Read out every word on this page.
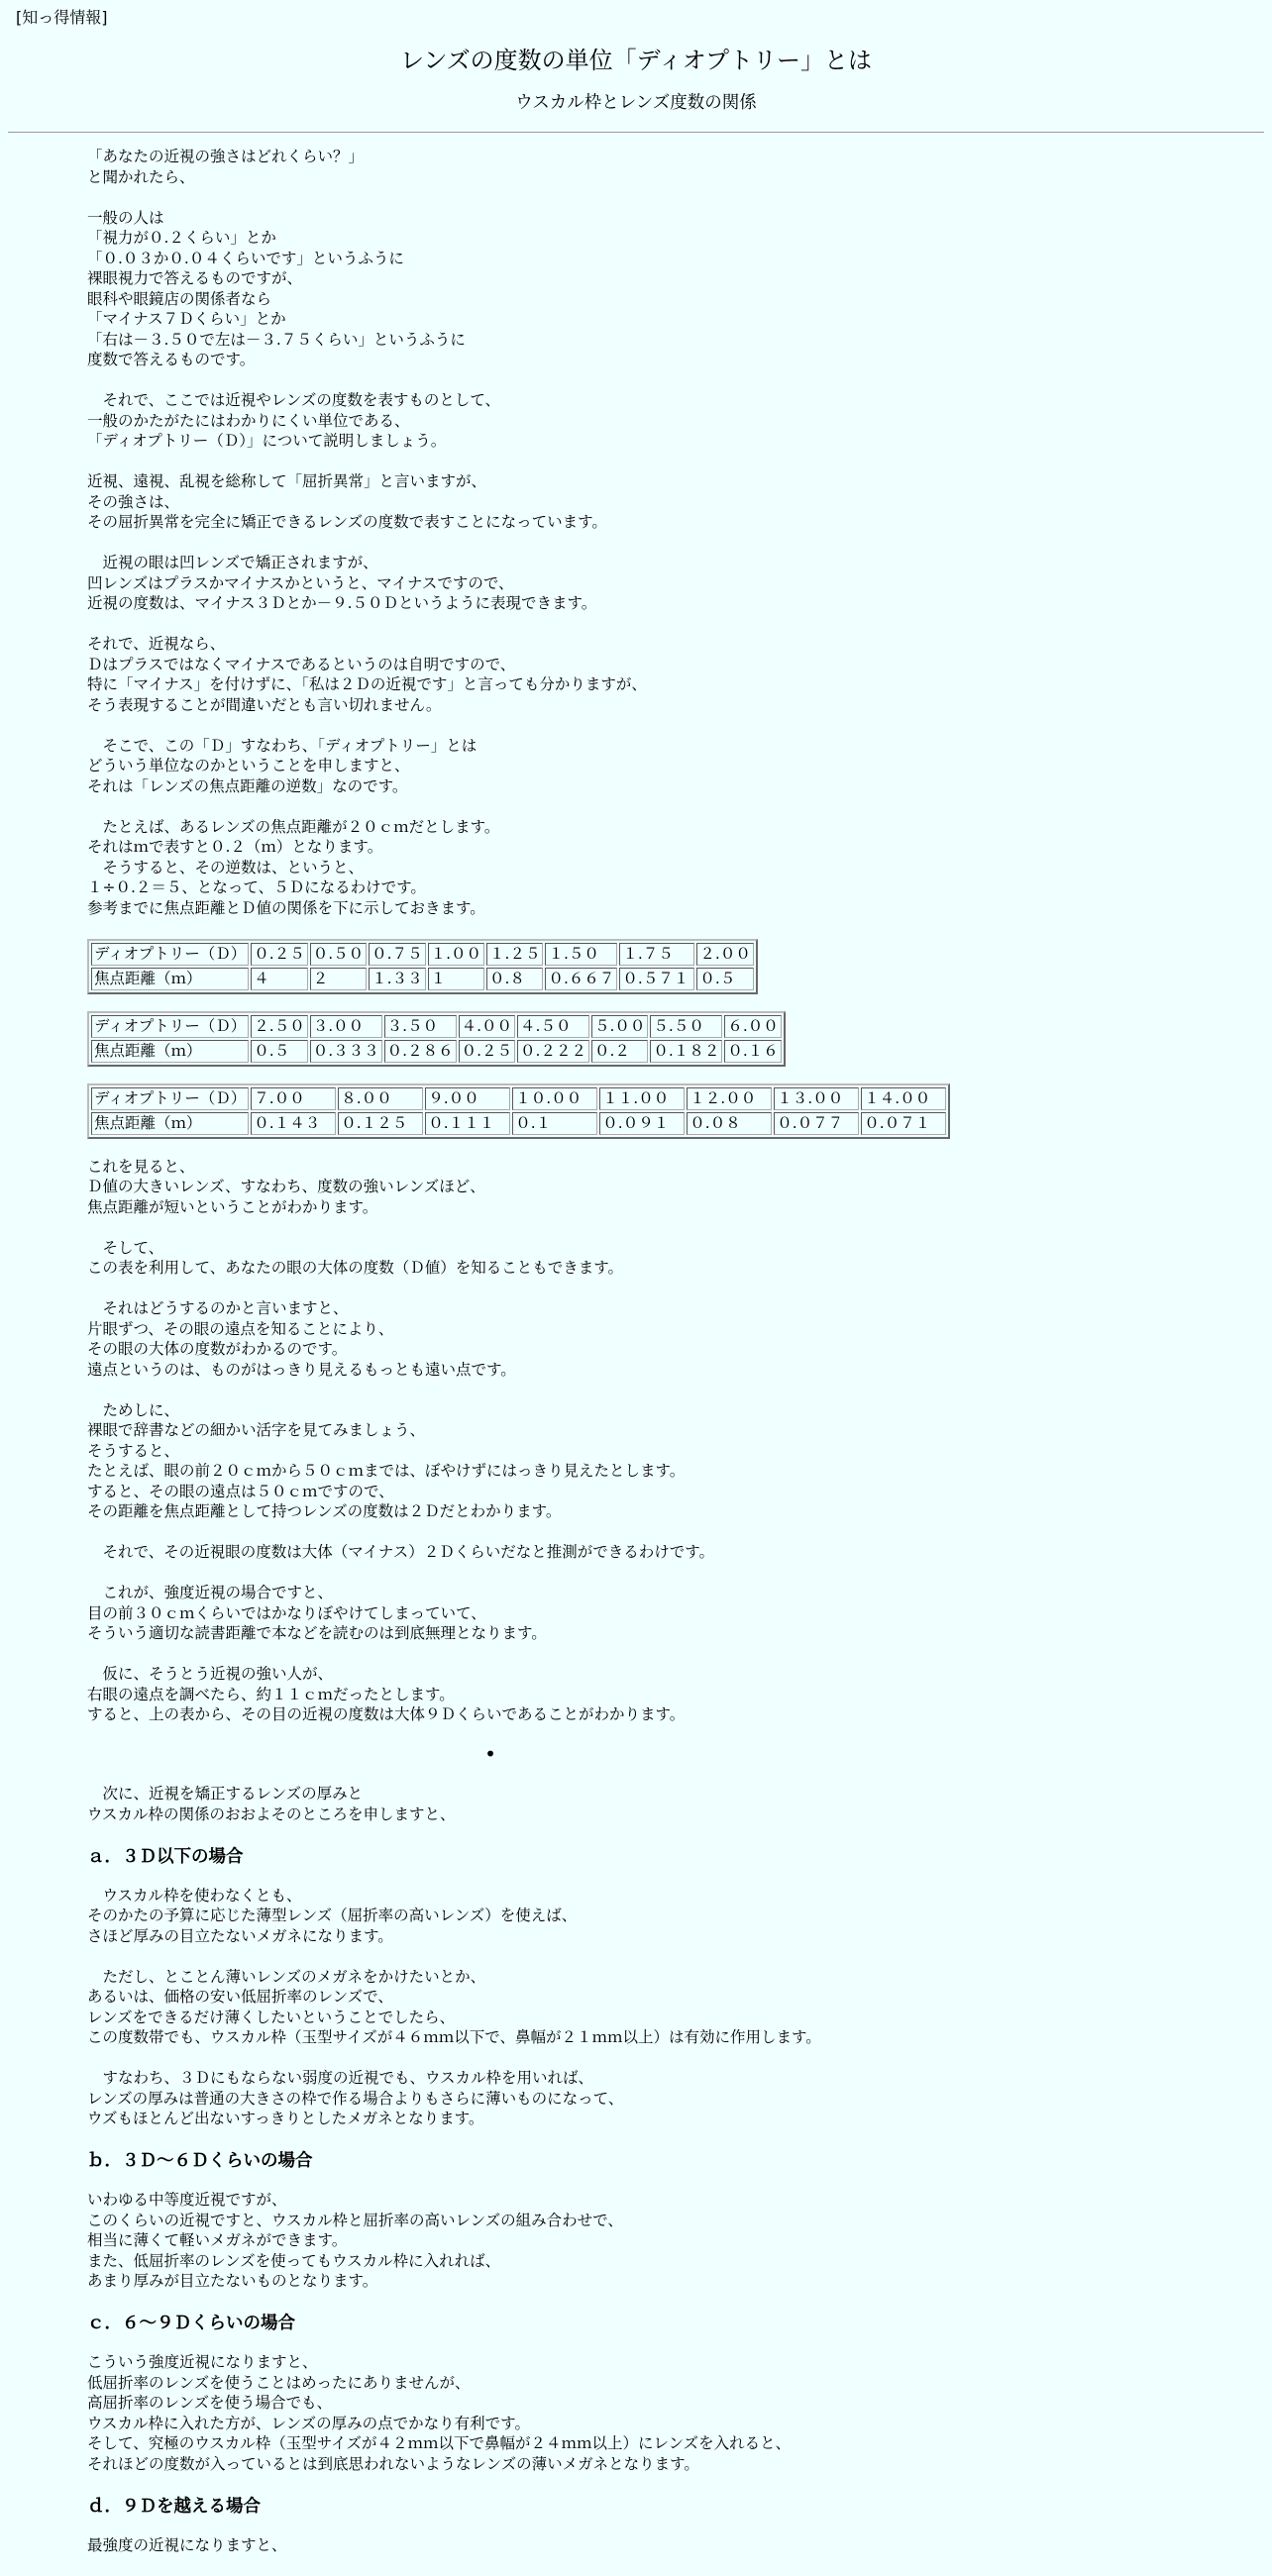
[知っ得情報]
レンズの度数の単位「ディオプトリー」とは
ウスカル枠とレンズ度数の関係

「あなたの近視の強さはどれくらい？」
と聞かれたら、

一般の人は
「視力が０.２くらい」とか
「０.０３か０.０４くらいです」というふうに
裸眼視力で答えるものですが、
眼科や眼鏡店の関係者なら
「マイナス７Ｄくらい」とか
「右は－３.５０で左は－３.７５くらい」というふうに
度数で答えるものです。

　それで、ここでは近視やレンズの度数を表すものとして、
一般のかたがたにはわかりにくい単位である、
「ディオプトリー（Ｄ）」について説明しましょう。

近視、遠視、乱視を総称して「屈折異常」と言いますが、
その強さは、
その屈折異常を完全に矯正できるレンズの度数で表すことになっています。

　近視の眼は凹レンズで矯正されますが、
凹レンズはプラスかマイナスかというと、マイナスですので、
近視の度数は、マイナス３Ｄとか－９.５０Ｄというように表現できます。

それで、近視なら、
Ｄはプラスではなくマイナスであるというのは自明ですので、
特に「マイナス」を付けずに、「私は２Ｄの近視です」と言っても分かりますが、
そう表現することが間違いだとも言い切れません。

　そこで、この「Ｄ」すなわち、「ディオプトリー」とは
どういう単位なのかということを申しますと、
それは「レンズの焦点距離の逆数」なのです。

　たとえば、あるレンズの焦点距離が２０ｃｍだとします。
それはｍで表すと０.２（ｍ）となります。
　そうすると、その逆数は、というと、
１÷０.２＝５、となって、５Ｄになるわけです。
参考までに焦点距離とＤ値の関係を下に示しておきます。

ディオプトリー（Ｄ）	０.２５	０.５０	０.７５	１.００	１.２５	１.５０	１.７５	２.００
焦点距離（ｍ）	４	２	１.３３	１	０.８	０.６６７	０.５７１	０.５
ディオプトリー（Ｄ）	２.５０	３.００	３.５０	４.００	４.５０	５.００	５.５０	６.００
焦点距離（ｍ）	０.５	０.３３３	０.２８６	０.２５	０.２２２	０.２	０.１８２	０.１６
ディオプトリー（Ｄ）	７.００	８.００	９.００	１０.００	１１.００	１２.００	１３.００	１４.００
焦点距離（ｍ）	０.１４３	０.１２５	０.１１１	０.１	０.０９１	０.０８	０.０７７	０.０７１

これを見ると、
Ｄ値の大きいレンズ、すなわち、度数の強いレンズほど、
焦点距離が短いということがわかります。

　そして、
この表を利用して、あなたの眼の大体の度数（Ｄ値）を知ることもできます。

　それはどうするのかと言いますと、
片眼ずつ、その眼の遠点を知ることにより、
その眼の大体の度数がわかるのです。
遠点というのは、ものがはっきり見えるもっとも遠い点です。

　ためしに、
裸眼で辞書などの細かい活字を見てみましょう、
そうすると、
たとえば、眼の前２０ｃｍから５０ｃｍまでは、ぼやけずにはっきり見えたとします。
すると、その眼の遠点は５０ｃｍですので、
その距離を焦点距離として持つレンズの度数は２Ｄだとわかります。

　それで、その近視眼の度数は大体（マイナス）２Ｄくらいだなと推測ができるわけです。

　これが、強度近視の場合ですと、
目の前３０ｃｍくらいではかなりぼやけてしまっていて、
そういう適切な読書距離で本などを読むのは到底無理となります。

　仮に、そうとう近視の強い人が、
右眼の遠点を調べたら、約１１ｃｍだったとします。
すると、上の表から、その目の近視の度数は大体９Ｄくらいであることがわかります。

•

　次に、近視を矯正するレンズの厚みと
ウスカル枠の関係のおおよそのところを申しますと、

ａ．３Ｄ以下の場合

　ウスカル枠を使わなくとも、
そのかたの予算に応じた薄型レンズ（屈折率の高いレンズ）を使えば、
さほど厚みの目立たないメガネになります。

　ただし、とことん薄いレンズのメガネをかけたいとか、
あるいは、価格の安い低屈折率のレンズで、
レンズをできるだけ薄くしたいということでしたら、
この度数帯でも、ウスカル枠（玉型サイズが４６ｍｍ以下で、鼻幅が２１ｍｍ以上）は有効に作用します。

　すなわち、３Ｄにもならない弱度の近視でも、ウスカル枠を用いれば、
レンズの厚みは普通の大きさの枠で作る場合よりもさらに薄いものになって、
ウズもほとんど出ないすっきりとしたメガネとなります。

ｂ．３Ｄ～６Ｄくらいの場合

いわゆる中等度近視ですが、
このくらいの近視ですと、ウスカル枠と屈折率の高いレンズの組み合わせで、
相当に薄くて軽いメガネができます。
また、低屈折率のレンズを使ってもウスカル枠に入れれば、
あまり厚みが目立たないものとなります。

ｃ．６～９Ｄくらいの場合

こういう強度近視になりますと、
低屈折率のレンズを使うことはめったにありませんが、
高屈折率のレンズを使う場合でも、
ウスカル枠に入れた方が、レンズの厚みの点でかなり有利です。
そして、究極のウスカル枠（玉型サイズが４２ｍｍ以下で鼻幅が２４ｍｍ以上）にレンズを入れると、
それほどの度数が入っているとは到底思われないようなレンズの薄いメガネとなります。

ｄ．９Ｄを越える場合

最強度の近視になりますと、
